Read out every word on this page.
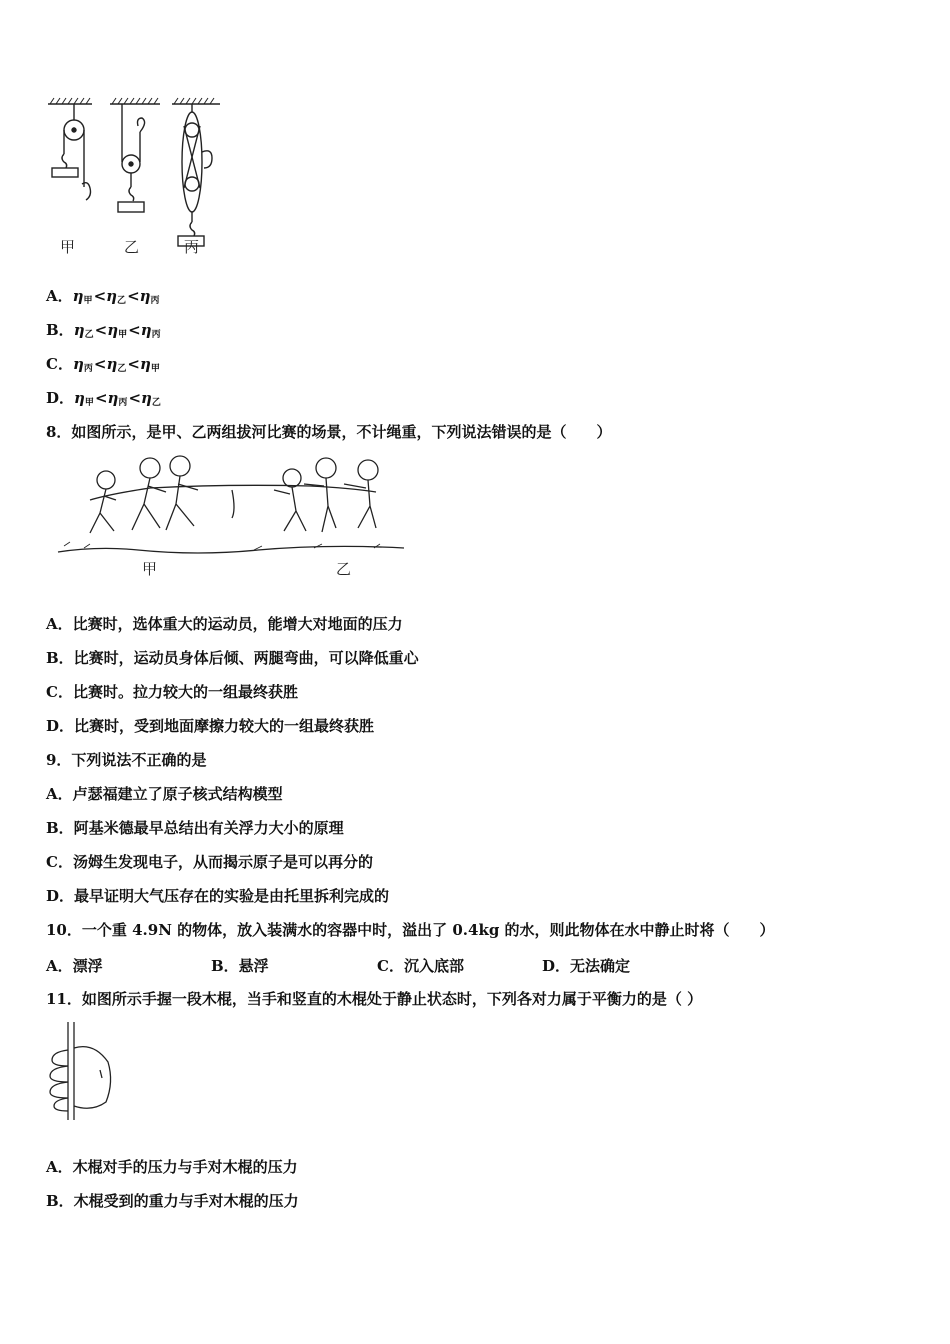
甲	乙	丙
A．$\eta_甲<\eta_乙<\eta_丙$
B．$\eta_乙<\eta_甲<\eta_丙$
C．$\eta_丙<\eta_乙<\eta_甲$
D．$\eta_甲<\eta_丙<\eta_乙$
8．如图所示，是甲、乙两组拔河比赛的场景，不计绳重，下列说法错误的是（　　）
甲	乙
A．比赛时，选体重大的运动员，能增大对地面的压力
B．比赛时，运动员身体后倾、两腿弯曲，可以降低重心
C．比赛时。拉力较大的一组最终获胜
D．比赛时，受到地面摩擦力较大的一组最终获胜
9．下列说法不正确的是
A．卢瑟福建立了原子核式结构模型
B．阿基米德最早总结出有关浮力大小的原理
C．汤姆生发现电子，从而揭示原子是可以再分的
D．最早证明大气压存在的实验是由托里拆利完成的
10．一个重 4.9N 的物体，放入装满水的容器中时，溢出了 0.4kg 的水，则此物体在水中静止时将（　　）
A．漂浮	B．悬浮	C．沉入底部	D．无法确定
11．如图所示手握一段木棍，当手和竖直的木棍处于静止状态时，下列各对力属于平衡力的是（ ）
A．木棍对手的压力与手对木棍的压力
B．木棍受到的重力与手对木棍的压力
